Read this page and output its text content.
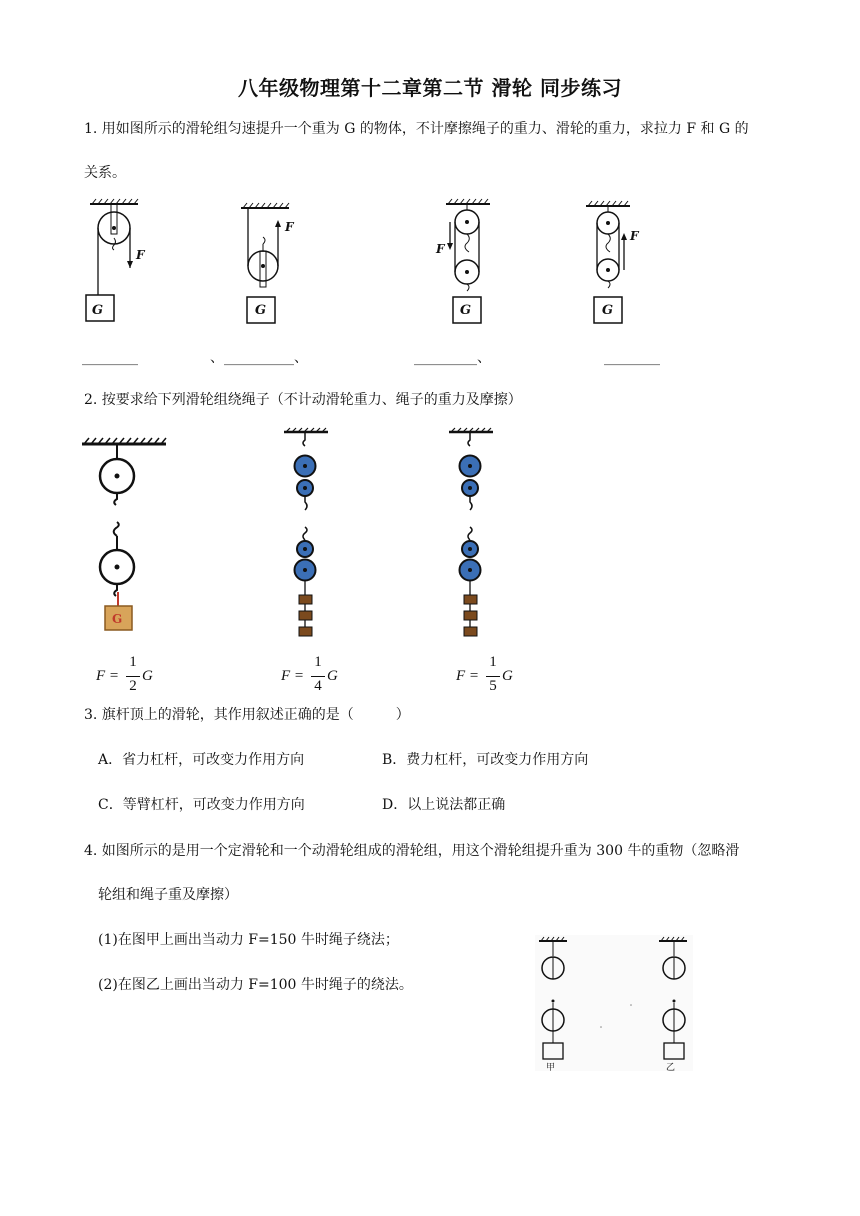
八年级物理第十二章第二节 滑轮 同步练习
1. 用如图所示的滑轮组匀速提升一个重为 G 的物体，不计摩擦绳子的重力、滑轮的重力，求拉力 F 和 G 的
关系。
F
G
F
G
F
G
F
G
________	、__________、	_________、	________
2. 按要求给下列滑轮组绕绳子（不计动滑轮重力、绳子的重力及摩擦）
G
F =
1
2
G	F =
1
4
G	F =
1
5
G
3. 旗杆顶上的滑轮，其作用叙述正确的是（　　　）
A．省力杠杆，可改变力作用方向	B．费力杠杆，可改变力作用方向
C．等臂杠杆，可改变力作用方向	D．以上说法都正确
4. 如图所示的是用一个定滑轮和一个动滑轮组成的滑轮组，用这个滑轮组提升重为 300 牛的重物（忽略滑
轮组和绳子重及摩擦）
(1)在图甲上画出当动力 F=150 牛时绳子绕法；
(2)在图乙上画出当动力 F=100 牛时绳子的绕法。
甲	乙
